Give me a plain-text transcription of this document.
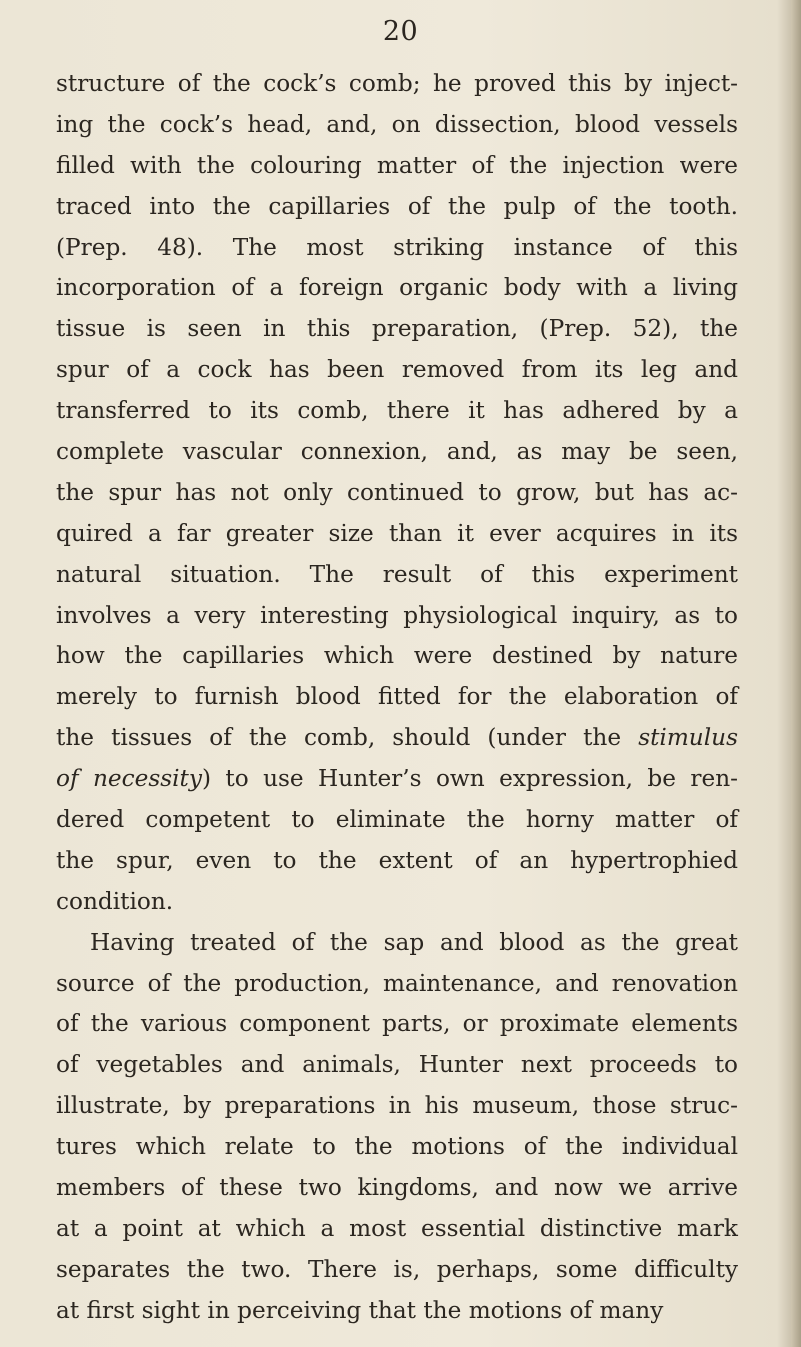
20
structure of the cock’s comb; he proved this by inject-
ing the cock’s head, and, on dissection, blood vessels
filled with the colouring matter of the injection were
traced into the capillaries of the pulp of the tooth.
(Prep. 48). The most striking instance of this
incorporation of a foreign organic body with a living
tissue is seen in this preparation, (Prep. 52), the
spur of a cock has been removed from its leg and
transferred to its comb, there it has adhered by a
complete vascular connexion, and, as may be seen,
the spur has not only continued to grow, but has ac-
quired a far greater size than it ever acquires in its
natural situation. The result of this experiment
involves a very interesting physiological inquiry, as to
how the capillaries which were destined by nature
merely to furnish blood fitted for the elaboration of
the tissues of the comb, should (under the stimulus
of necessity) to use Hunter’s own expression, be ren-
dered competent to eliminate the horny matter of
the spur, even to the extent of an hypertrophied
condition.
Having treated of the sap and blood as the great
source of the production, maintenance, and renovation
of the various component parts, or proximate elements
of vegetables and animals, Hunter next proceeds to
illustrate, by preparations in his museum, those struc-
tures which relate to the motions of the individual
members of these two kingdoms, and now we arrive
at a point at which a most essential distinctive mark
separates the two. There is, perhaps, some difficulty
at first sight in perceiving that the motions of many
